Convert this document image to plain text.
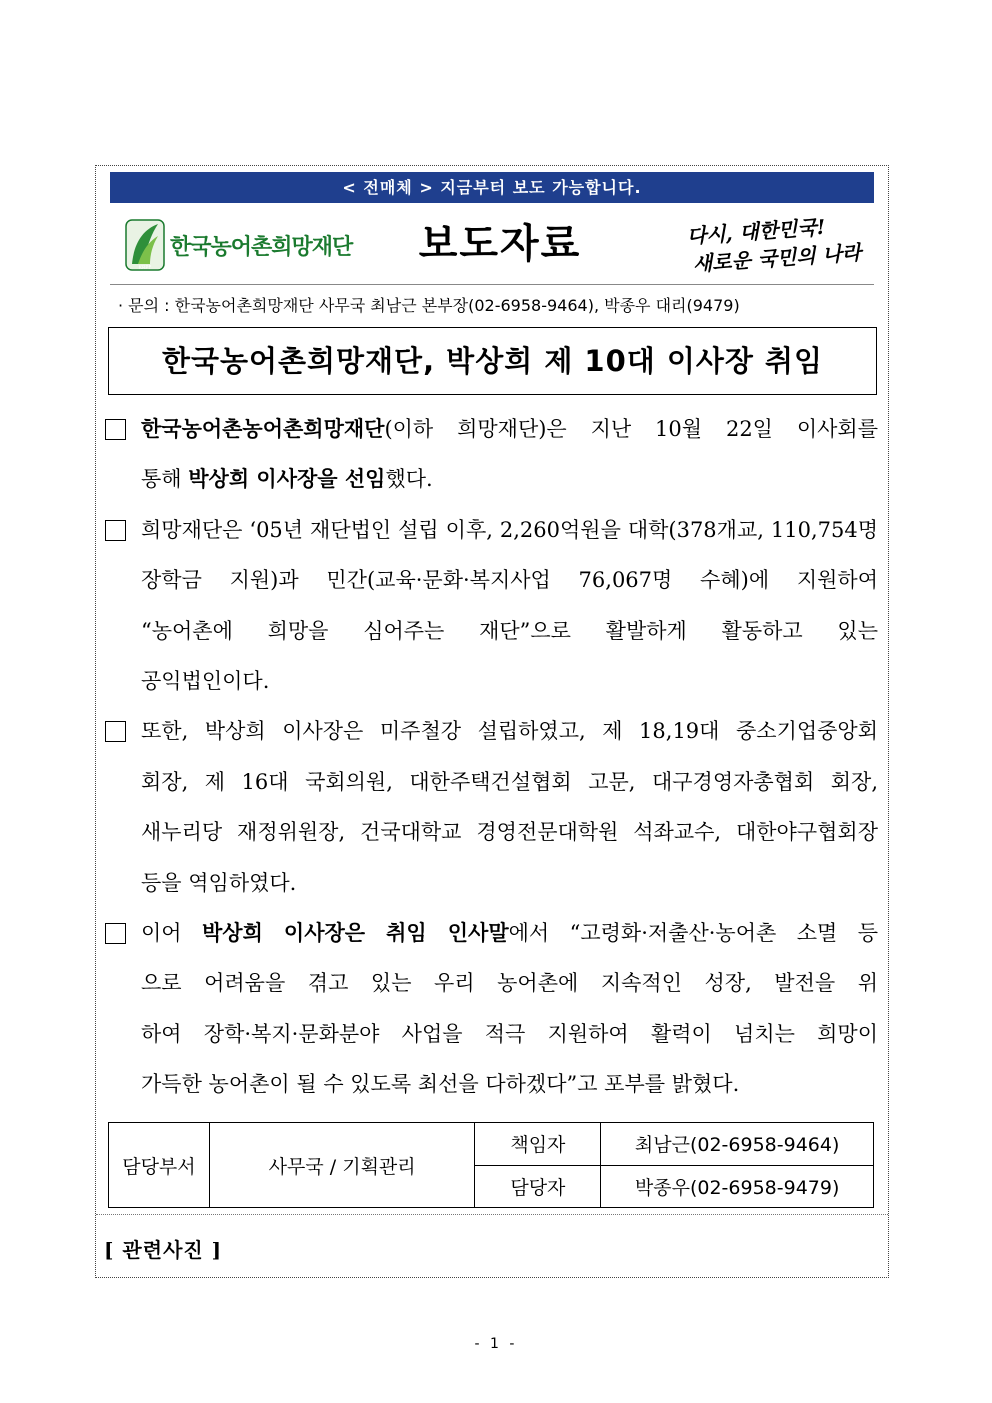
< 전매체 > 지금부터 보도 가능합니다.
KRPF
한국농어촌희망재단	보도자료	다시, 대한민국!
새로운 국민의 나라
· 문의 : 한국농어촌희망재단 사무국 최남근 본부장(02-6958-9464), 박종우 대리(9479)
한국농어촌희망재단, 박상희 제 10대 이사장 취임
한국농어촌농어촌희망재단(이하 희망재단)은 지난 10월 22일 이사회를
통해 박상희 이사장을 선임했다.
희망재단은 ‘05년 재단법인 설립 이후, 2,260억원을 대학(378개교, 110,754명
장학금 지원)과 민간(교육·문화·복지사업 76,067명 수혜)에 지원하여
“농어촌에 희망을 심어주는 재단”으로 활발하게 활동하고 있는
공익법인이다.
또한, 박상희 이사장은 미주철강 설립하였고, 제 18,19대 중소기업중앙회
회장, 제 16대 국회의원, 대한주택건설협회 고문, 대구경영자총협회 회장,
새누리당 재정위원장, 건국대학교 경영전문대학원 석좌교수, 대한야구협회장
등을 역임하였다.
이어 박상희 이사장은 취임 인사말에서 “고령화·저출산·농어촌 소멸 등
으로 어려움을 겪고 있는 우리 농어촌에 지속적인 성장, 발전을 위
하여 장학·복지·문화분야 사업을 적극 지원하여 활력이 넘치는 희망이
가득한 농어촌이 될 수 있도록 최선을 다하겠다”고 포부를 밝혔다.
담당부서	사무국 / 기획관리	책임자	최남근(02-6958-9464)
		담당자	박종우(02-6958-9479)
[ 관련사진 ]
- 1 -
